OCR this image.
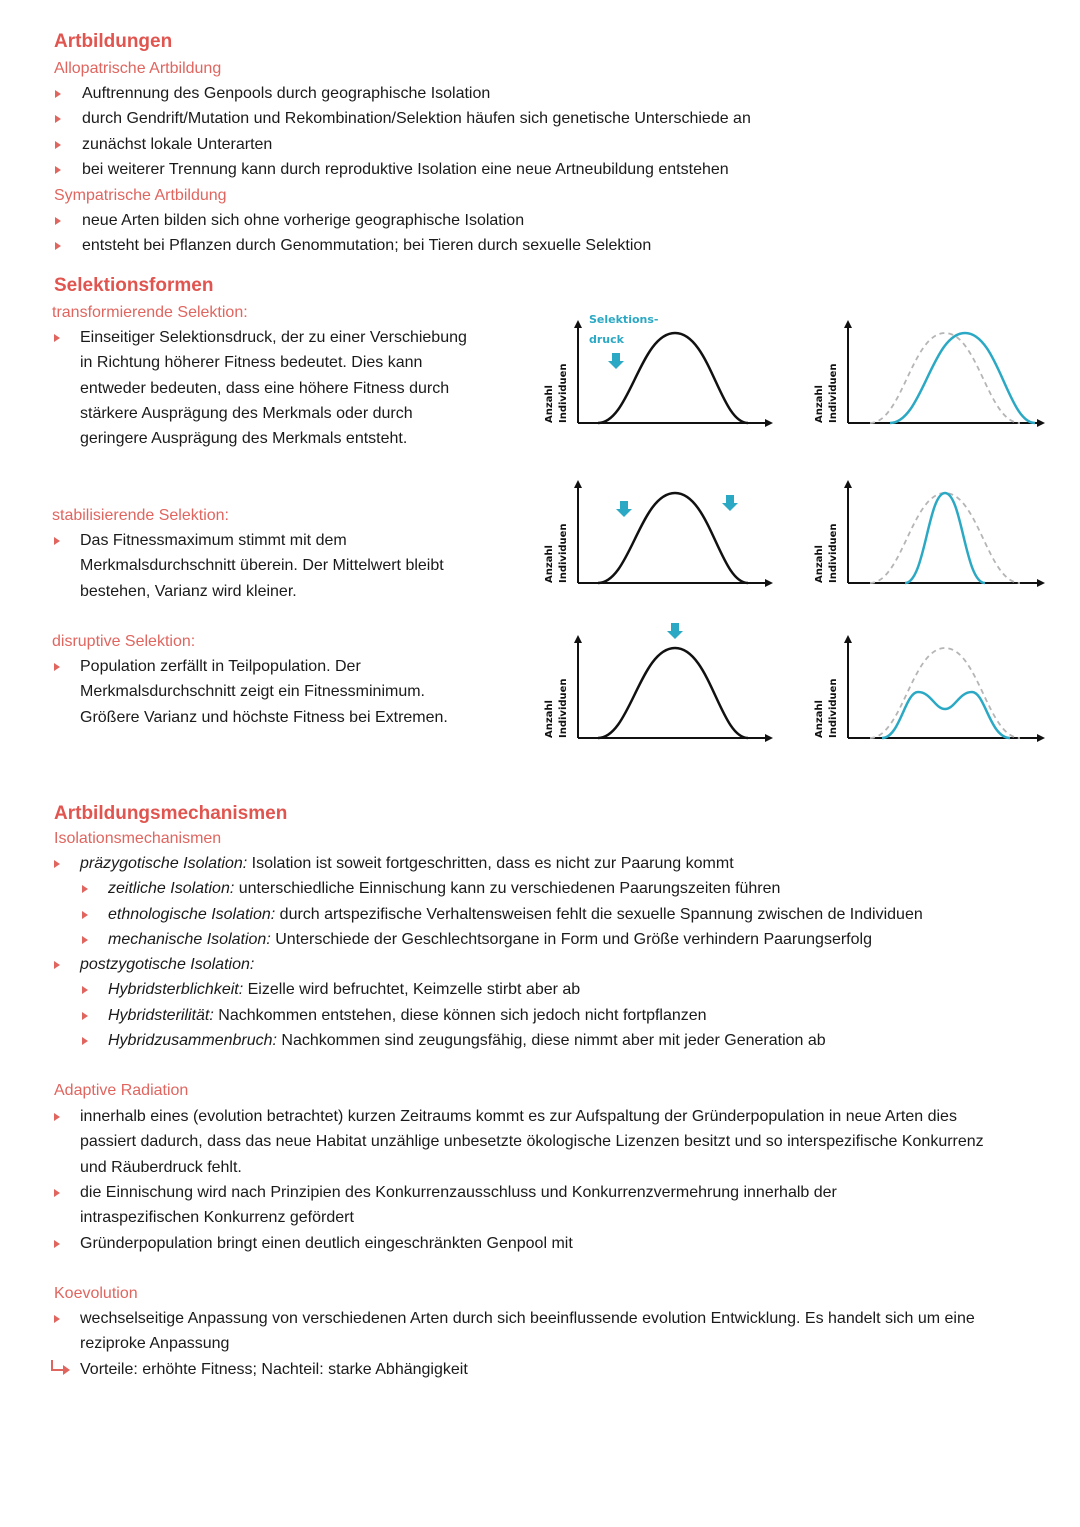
Artbildungen
Allopatrische Artbildung
Auftrennung des Genpools durch geographische Isolation
durch Gendrift/Mutation und Rekombination/Selektion häufen sich genetische Unterschiede an
zunächst lokale Unterarten
bei weiterer Trennung kann durch reproduktive Isolation eine neue Artneubildung entstehen
Sympatrische Artbildung
neue Arten bilden sich ohne vorherige geographische Isolation
entsteht bei Pflanzen durch Genommutation; bei Tieren durch sexuelle Selektion
Selektionsformen
transformierende Selektion:
Einseitiger Selektionsdruck, der zu einer Verschiebung in Richtung höherer Fitness bedeutet. Dies kann entweder bedeuten, dass eine höhere Fitness durch stärkere Ausprägung des Merkmals oder durch geringere Ausprägung des Merkmals entsteht.
stabilisierende Selektion:
Das Fitnessmaximum stimmt mit dem Merkmalsdurchschnitt überein. Der Mittelwert bleibt bestehen, Varianz wird kleiner.
disruptive Selektion:
Population zerfällt in Teilpopulation. Der Merkmalsdurchschnitt zeigt ein Fitnessminimum. Größere Varianz und höchste Fitness bei Extremen.
Selektions-
druck
Anzahl Individuen	Anzahl Individuen
Anzahl Individuen	Anzahl Individuen
Anzahl Individuen	Anzahl Individuen
Artbildungsmechanismen
Isolationsmechanismen
präzygotische Isolation: Isolation ist soweit fortgeschritten, dass es nicht zur Paarung kommt
zeitliche Isolation: unterschiedliche Einnischung kann zu verschiedenen Paarungszeiten führen
ethnologische Isolation: durch artspezifische Verhaltensweisen fehlt die sexuelle Spannung zwischen de Individuen
mechanische Isolation: Unterschiede der Geschlechtsorgane in Form und Größe verhindern Paarungserfolg
postzygotische Isolation:
Hybridsterblichkeit: Eizelle wird befruchtet, Keimzelle stirbt aber ab
Hybridsterilität: Nachkommen entstehen, diese können sich jedoch nicht fortpflanzen
Hybridzusammenbruch: Nachkommen sind zeugungsfähig, diese nimmt aber mit jeder Generation ab
Adaptive Radiation
innerhalb eines (evolution betrachtet) kurzen Zeitraums kommt es zur Aufspaltung der Gründerpopulation in neue Arten dies passiert dadurch, dass das neue Habitat unzählige unbesetzte ökologische Lizenzen besitzt und so interspezifische Konkurrenz und Räuberdruck fehlt.
die Einnischung wird nach Prinzipien des Konkurrenzausschluss und Konkurrenzvermehrung innerhalb der intraspezifischen Konkurrenz gefördert
Gründerpopulation bringt einen deutlich eingeschränkten Genpool mit
Koevolution
wechselseitige Anpassung von verschiedenen Arten durch sich beeinflussende evolution Entwicklung. Es handelt sich um eine reziproke Anpassung
Vorteile: erhöhte Fitness; Nachteil: starke Abhängigkeit
